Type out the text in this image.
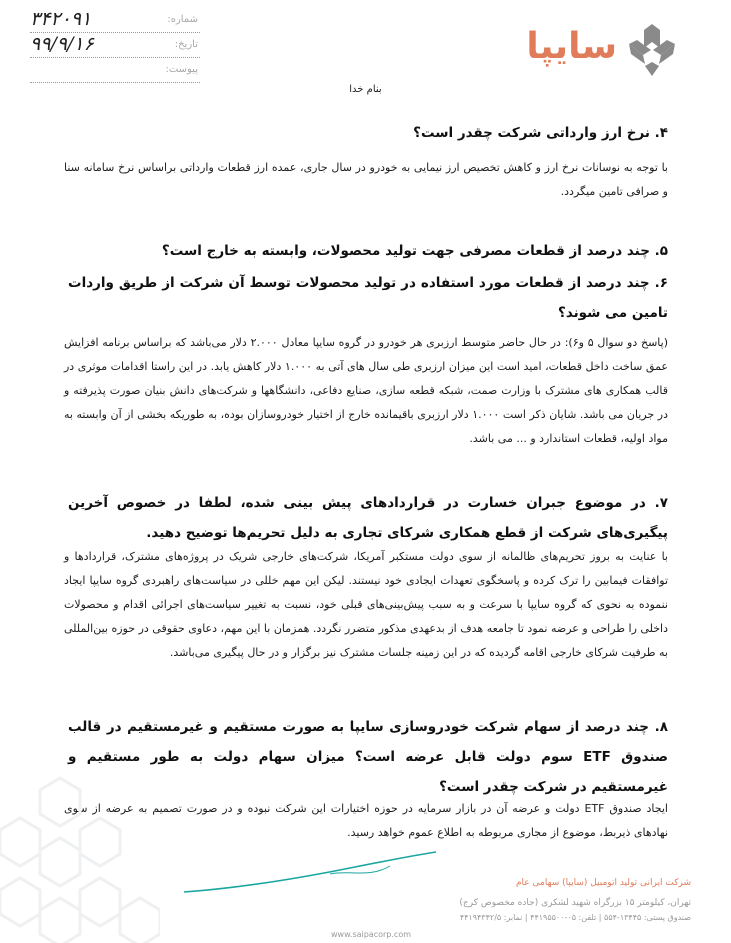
شماره:
۳۴۲۰۹۱
تاریخ:
۹۹/۹/۱۶
پیوست:
سایپا
بنام خدا
۴. نرخ ارز وارداتی شرکت چقدر است؟
با توجه به نوسانات نرخ ارز و کاهش تخصیص ارز نیمایی به خودرو در سال جاری، عمده ارز قطعات وارداتی براساس نرخ سامانه سنا و صرافی تامین میگردد.
۵. چند درصد از قطعات مصرفی جهت تولید محصولات، وابسته به خارج است؟
۶. چند درصد از قطعات مورد استفاده در تولید محصولات توسط آن شرکت از طریق واردات تامین می شوند؟
(پاسخ دو سوال ۵ و۶): در حال حاضر متوسط ارزبری هر خودرو در گروه سایپا معادل ۲.۰۰۰ دلار می‌باشد که براساس برنامه افزایش عمق ساخت داخل قطعات، امید است این میزان ارزبری طی سال های آتی به ۱.۰۰۰ دلار کاهش یابد. در این راستا اقدامات موثری در قالب همکاری های مشترک با وزارت صمت، شبکه قطعه سازی، صنایع دفاعی، دانشگاهها و شرکت‌های دانش بنیان صورت پذیرفته و در جریان می باشد. شایان ذکر است ۱.۰۰۰ دلار ارزبری باقیمانده خارج از اختیار خودروسازان بوده، به طوریکه بخشی از آن وابسته به مواد اولیه، قطعات استاندارد و ... می باشد.
۷. در موضوع جبران خسارت در قراردادهای پیش بینی شده، لطفا در خصوص آخرین پیگیری‌های شرکت از قطع همکاری شرکای تجاری به دلیل تحریم‌ها توضیح دهید.
با عنایت به بروز تحریم‌های ظالمانه از سوی دولت مستکبر آمریکا، شرکت‌های خارجی شریک در پروژه‌های مشترک، قراردادها و توافقات فیمابین را ترک کرده و پاسخگوی تعهدات ایجادی خود نیستند. لیکن این مهم خللی در سیاست‌های راهبردی گروه سایپا ایجاد ننموده به نحوی که گروه سایپا با سرعت و به سبب پیش‌بینی‌های قبلی خود، نسبت به تغییر سیاست‌های اجرائی اقدام و محصولات داخلی را طراحی و عرضه نمود تا جامعه هدف از بدعهدی مذکور متضرر نگردد. همزمان با این مهم، دعاوی حقوقی در حوزه بین‌المللی به طرفیت شرکای خارجی اقامه گردیده که در این زمینه جلسات مشترک نیز برگزار و در حال پیگیری می‌باشد.
۸. چند درصد از سهام شرکت خودروسازی سایپا به صورت مستقیم و غیرمستقیم در قالب صندوق ETF سوم دولت قابل عرضه است؟ میزان سهام دولت به طور مستقیم و غیرمستقیم در شرکت چقدر است؟
ایجاد صندوق ETF دولت و عرضه آن در بازار سرمایه در حوزه اختیارات این شرکت نبوده و در صورت تصمیم به عرضه از سوی نهادهای ذیربط، موضوع از مجاری مربوطه به اطلاع عموم خواهد رسید.
شرکت ایرانی تولید اتومبیل (سایپا) سهامی عام
تهران، کیلومتر ۱۵ بزرگراه شهید لشکری (جاده مخصوص کرج)
صندوق پستی: ۱۳۴۴۵-۵۵۴ | تلفن: ۰۵-۴۴۱۹۵۵۰۰ | نمابر: ۴۴۱۹۴۳۴۲/۵
www.saipacorp.com
